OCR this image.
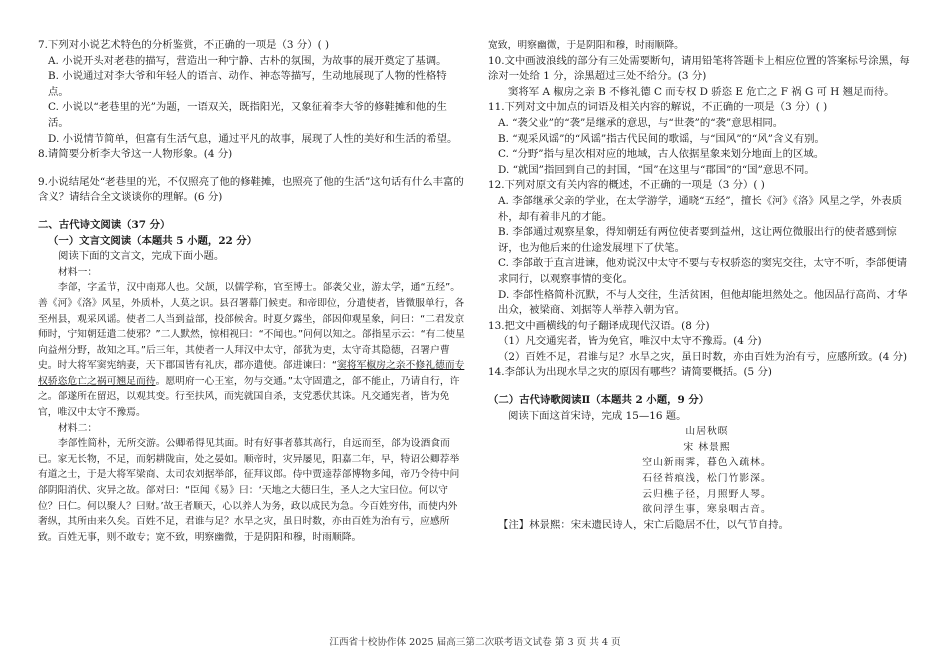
7.下列对小说艺术特色的分析鉴赏，不正确的一项是（3 分）( )

A. 小说开头对老巷的描写，营造出一种宁静、古朴的氛围，为故事的展开奠定了基调。

B. 小说通过对李大爷和年轻人的语言、动作、神态等描写，生动地展现了人物的性格特点。

C. 小说以“老巷里的光”为题，一语双关，既指阳光，又象征着李大爷的修鞋摊和他的生活。

D. 小说情节简单，但富有生活气息，通过平凡的故事，展现了人性的美好和生活的希望。

8.请简要分析李大爷这一人物形象。(4 分)

9.小说结尾处“老巷里的光，不仅照亮了他的修鞋摊，也照亮了他的生活”这句话有什么丰富的含义？请结合全文谈谈你的理解。(6 分)

二、古代诗文阅读（37 分）

（一）文言文阅读（本题共 5 小题，22 分）

阅读下面的文言文，完成下面小题。

材料一：

李郃，字孟节，汉中南郑人也。父颉，以儒学称，官至博士。郃袭父业，游太学，通“五经”。善《河》《洛》风星，外质朴，人莫之识。县召署幕门候吏。和帝即位，分遣使者，皆微服单行，各至州县，观采风谣。使者二人当到益部，投郃候舍。时夏夕露坐，郃因仰观星象，问曰：“二君发京师时，宁知朝廷遣二使邪？”二人默然，惊相视曰：“不闻也。”问何以知之。郃指星示云：“有二使星向益州分野，故知之耳。”后三年，其使者一人拜汉中太守，郃犹为吏，太守奇其隐德，召署户曹史。时大将军窦宪纳妻，天下郡国皆有礼庆，郡亦遣使。郃进谏曰：“窦将军椒房之亲不修礼德而专权骄恣危亡之祸可翘足而待。愿明府一心王室，勿与交通。”太守固遣之，郃不能止，乃请自行，许之。郃遂所在留迟，以观其变。行至扶风，而宪就国自杀，支党悉伏其诛。凡交通宪者，皆为免官，唯汉中太守不豫焉。

材料二：

李郃性简朴，无所交游。公卿希得见其面。时有好事者慕其高行，自远而至，郃为设酒食而已。家无长物，不足，而躬耕陇亩，处之晏如。顺帝时，灾异屡见，阳嘉二年，早，特诏公卿荐举有道之士，于是大将军梁商、太司农刘据举郃，征拜议郎。侍中贾逵荐郃博物多闻，帝乃令待中问郃阴阳消伏、灾异之故。郃对曰：“臣闻《易》曰：‘天地之大德曰生，圣人之大宝曰位。何以守位？曰仁。何以聚人？曰财。’故王者顺天，心以养人为务，政以成民为急。今百姓穷伟，而使内外奢纵，其所由来久矣。百姓不足，君谁与足？水旱之灾，虽日时数，亦由百姓为治有亏，应感所致。百姓无事，则不敢专；宽不致，明察幽微，于是阴阳和穆，时雨顺降。

宽致，明察幽微，于是阴阳和穆，时雨顺降。

10.文中画波浪线的部分有三处需要断句，请用铅笔将答题卡上相应位置的答案标号涂黑，每涂对一处给 1 分，涂黑超过三处不给分。(3 分)

窦将军 A 椒房之亲 B 不修礼德 C 而专权 D 骄恣 E 危亡之 F 祸 G 可 H 翘足而待。

11.下列对文中加点的词语及相关内容的解说，不正确的一项是（3 分）( )

A. “袭父业”的“袭”是继承的意思，与“世袭”的“袭”意思相同。

B. “观采风谣”的“风谣”指古代民间的歌谣，与“国风”的“风”含义有别。

C. “分野”指与星次相对应的地域，古人依据星象来划分地面上的区域。

D. “就国”指回到自己的封国，“国”在这里与“郡国”的“国”意思不同。

12.下列对原文有关内容的概述，不正确的一项是（3 分）( )

A. 李郃继承父亲的学业，在太学游学，通晓“五经”，擅长《河》《洛》风星之学，外表质朴，却有着非凡的才能。

B. 李郃通过观察星象，得知朝廷有两位使者要到益州，这让两位微服出行的使者感到惊讶，也为他后来的仕途发展埋下了伏笔。

C. 李郃敢于直言进谏，他劝说汉中太守不要与专权骄恣的窦宪交往，太守不听，李郃便请求同行，以观察事情的变化。

D. 李郃性格简朴沉默，不与人交往，生活贫困，但他却能坦然处之。他因品行高尚、才华出众，被梁商、刘据等人举荐入朝为官。

13.把文中画横线的句子翻译成现代汉语。(8 分)

（1）凡交通宪者，皆为免官，唯汉中太守不豫焉。(4 分)

（2）百姓不足，君谁与足？水旱之灾，虽日时数，亦由百姓为治有亏，应感所致。(4 分)

14.李郃认为出现水旱之灾的原因有哪些？请简要概括。(5 分)

（二）古代诗歌阅读Ⅱ（本题共 2 小题，9 分）

阅读下面这首宋诗，完成 15—16 题。

山居秋暝

宋 林景熙

空山新雨霁，暮色入疏林。

石径苔痕浅，松门竹影深。

云归樵子径，月照野人琴。

欲问浮生事，寒泉咽古音。

【注】林景熙：宋末遗民诗人，宋亡后隐居不仕，以气节自持。

江西省十校协作体 2025 届高三第二次联考语文试卷 第 3 页 共 4 页
